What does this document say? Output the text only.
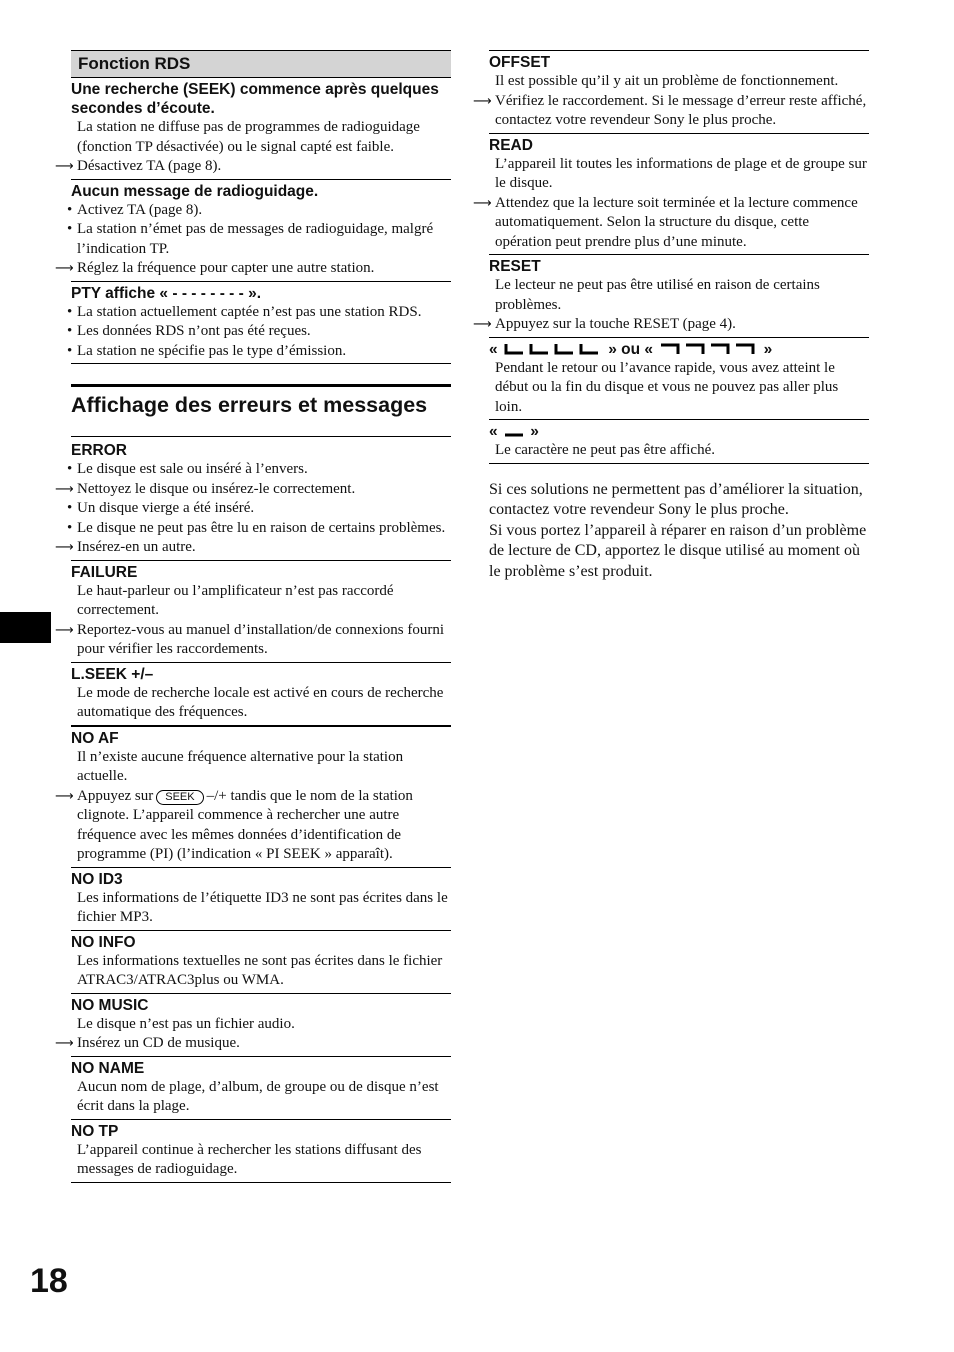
Fonction RDS
Une recherche (SEEK) commence après quelques secondes d’écoute.
La station ne diffuse pas de programmes de radioguidage (fonction TP désactivée) ou le signal capté est faible.
⟶ Désactivez TA (page 8).
Aucun message de radioguidage.
• Activez TA (page 8).
• La station n’émet pas de messages de radioguidage, malgré l’indication TP.
⟶ Réglez la fréquence pour capter une autre station.
PTY affiche « - - - - - - - - ».
• La station actuellement captée n’est pas une station RDS.
• Les données RDS n’ont pas été reçues.
• La station ne spécifie pas le type d’émission.
Affichage des erreurs et messages
ERROR
• Le disque est sale ou inséré à l’envers.
⟶ Nettoyez le disque ou insérez-le correctement.
• Un disque vierge a été inséré.
• Le disque ne peut pas être lu en raison de certains problèmes.
⟶ Insérez-en un autre.
FAILURE
Le haut-parleur ou l’amplificateur n’est pas raccordé correctement.
⟶ Reportez-vous au manuel d’installation/de connexions fourni pour vérifier les raccordements.
L.SEEK +/–
Le mode de recherche locale est activé en cours de recherche automatique des fréquences.
NO AF
Il n’existe aucune fréquence alternative pour la station actuelle.
⟶ Appuyez sur SEEK –/+ tandis que le nom de la station clignote. L’appareil commence à rechercher une autre fréquence avec les mêmes données d’identification de programme (PI) (l’indication « PI SEEK » apparaît).
NO ID3
Les informations de l’étiquette ID3 ne sont pas écrites dans le fichier MP3.
NO INFO
Les informations textuelles ne sont pas écrites dans le fichier ATRAC3/ATRAC3plus ou WMA.
NO MUSIC
Le disque n’est pas un fichier audio.
⟶ Insérez un CD de musique.
NO NAME
Aucun nom de plage, d’album, de groupe ou de disque n’est écrit dans la plage.
NO TP
L’appareil continue à rechercher les stations diffusant des messages de radioguidage.
OFFSET
Il est possible qu’il y ait un problème de fonctionnement.
⟶ Vérifiez le raccordement. Si le message d’erreur reste affiché, contactez votre revendeur Sony le plus proche.
READ
L’appareil lit toutes les informations de plage et de groupe sur le disque.
⟶ Attendez que la lecture soit terminée et la lecture commence automatiquement. Selon la structure du disque, cette opération peut prendre plus d’une minute.
RESET
Le lecteur ne peut pas être utilisé en raison de certains problèmes.
⟶ Appuyez sur la touche RESET (page 4).
«	» ou «	»
Pendant le retour ou l’avance rapide, vous avez atteint le début ou la fin du disque et vous ne pouvez pas aller plus loin.
« »
Le caractère ne peut pas être affiché.
Si ces solutions ne permettent pas d’améliorer la situation, contactez votre revendeur Sony le plus proche.
Si vous portez l’appareil à réparer en raison d’un problème de lecture de CD, apportez le disque utilisé au moment où le problème s’est produit.
18
